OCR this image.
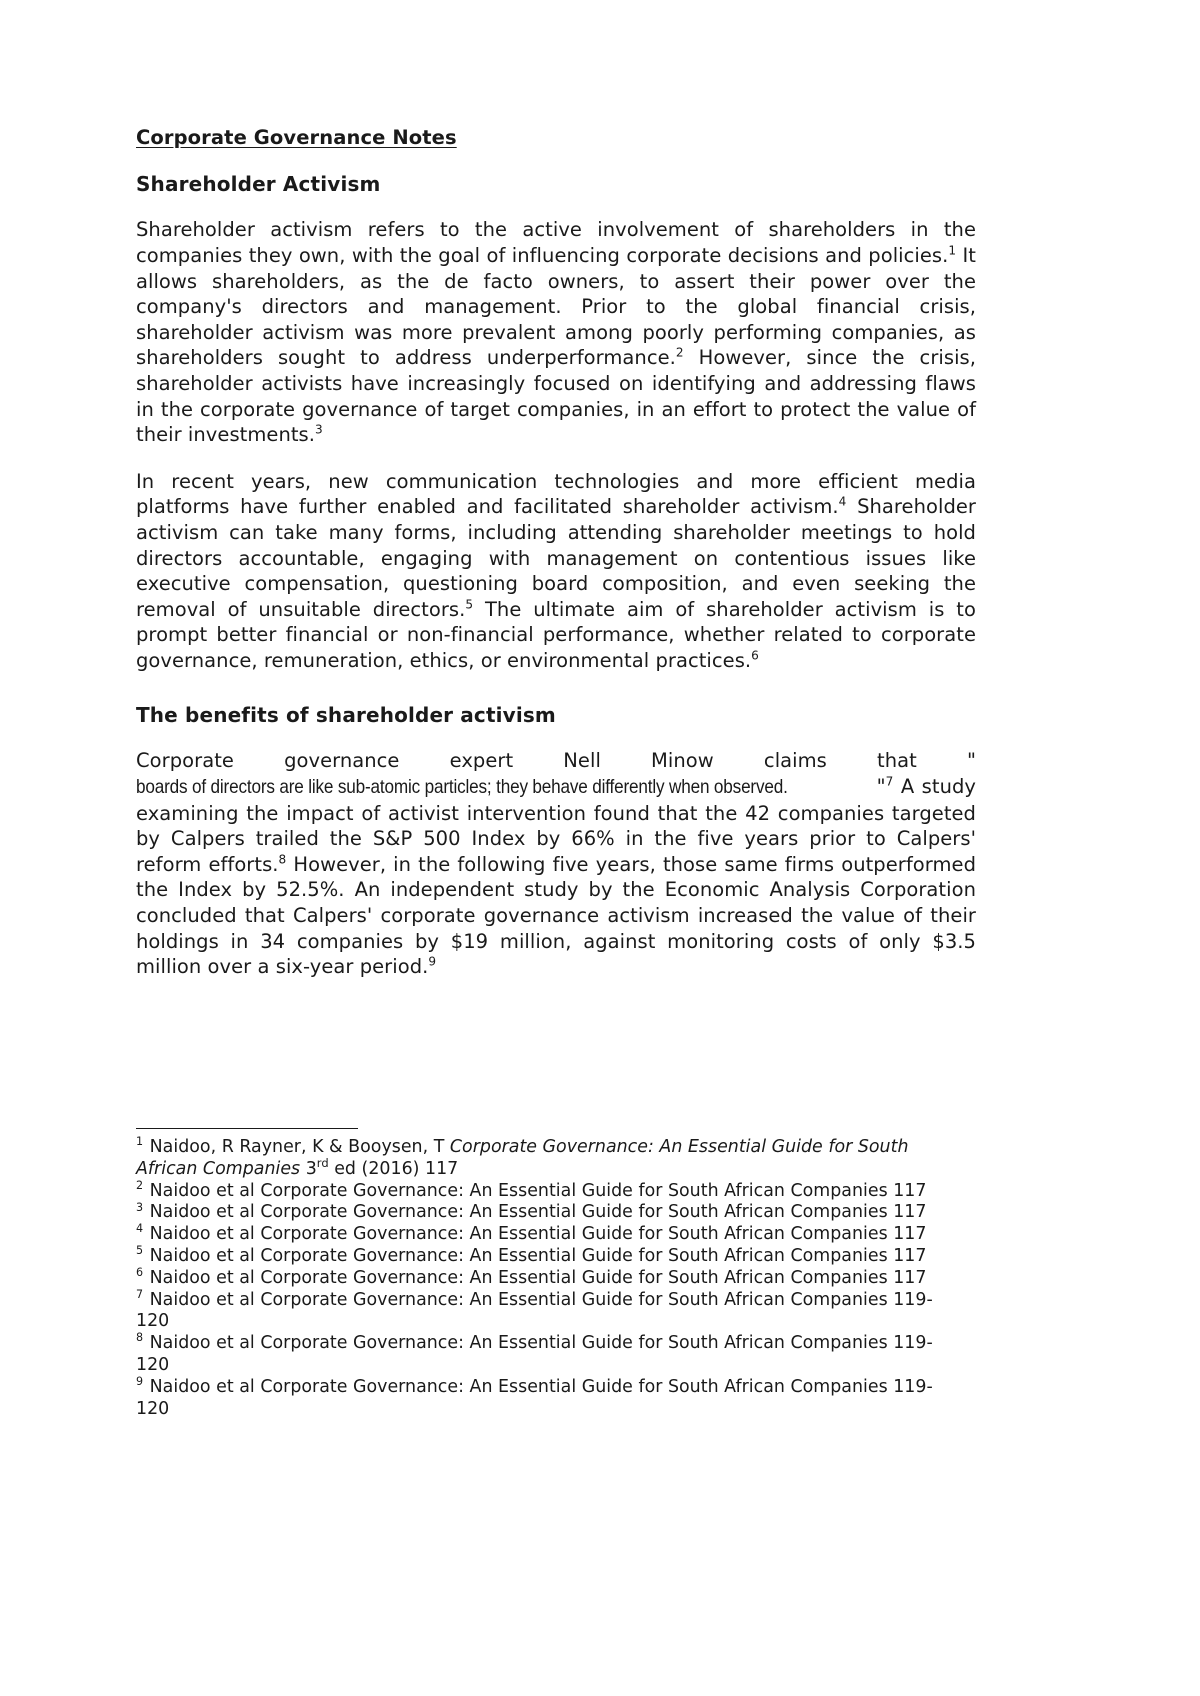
Corporate Governance Notes
Shareholder Activism

Shareholder activism refers to the active involvement of shareholders in the companies they own, with the goal of influencing corporate decisions and policies.$^1$ It allows shareholders, as the de facto owners, to assert their power over the company's directors and management. Prior to the global financial crisis, shareholder activism was more prevalent among poorly performing companies, as shareholders sought to address underperformance.$^2$ However, since the crisis, shareholder activists have increasingly focused on identifying and addressing flaws in the corporate governance of target companies, in an effort to protect the value of their investments.$^3$

In recent years, new communication technologies and more efficient media platforms have further enabled and facilitated shareholder activism.$^4$ Shareholder activism can take many forms, including attending shareholder meetings to hold directors accountable, engaging with management on contentious issues like executive compensation, questioning board composition, and even seeking the removal of unsuitable directors.$^5$ The ultimate aim of shareholder activism is to prompt better financial or non-financial performance, whether related to corporate governance, remuneration, ethics, or environmental practices.$^6$

The benefits of shareholder activism

Corporate governance expert Nell Minow claims that "boards of directors are like sub-atomic particles; they behave differently when observed.	"$^7$ A study examining the impact of activist intervention found that the 42 companies targeted by Calpers trailed the S&P 500 Index by 66% in the five years prior to Calpers' reform efforts.$^8$ However, in the following five years, those same firms outperformed the Index by 52.5%. An independent study by the Economic Analysis Corporation concluded that Calpers' corporate governance activism increased the value of their holdings in 34 companies by $19 million, against monitoring costs of only $3.5 million over a six-year period.$^9$

$^1$ Naidoo, R Rayner, K & Booysen, T Corporate Governance: An Essential Guide for South African Companies 3rd ed (2016) 117

$^2$ Naidoo et al Corporate Governance: An Essential Guide for South African Companies 117

$^3$ Naidoo et al Corporate Governance: An Essential Guide for South African Companies 117

$^4$ Naidoo et al Corporate Governance: An Essential Guide for South African Companies 117

$^5$ Naidoo et al Corporate Governance: An Essential Guide for South African Companies 117

$^6$ Naidoo et al Corporate Governance: An Essential Guide for South African Companies 117

$^7$ Naidoo et al Corporate Governance: An Essential Guide for South African Companies 119-120

$^8$ Naidoo et al Corporate Governance: An Essential Guide for South African Companies 119-120

$^9$ Naidoo et al Corporate Governance: An Essential Guide for South African Companies 119-120
